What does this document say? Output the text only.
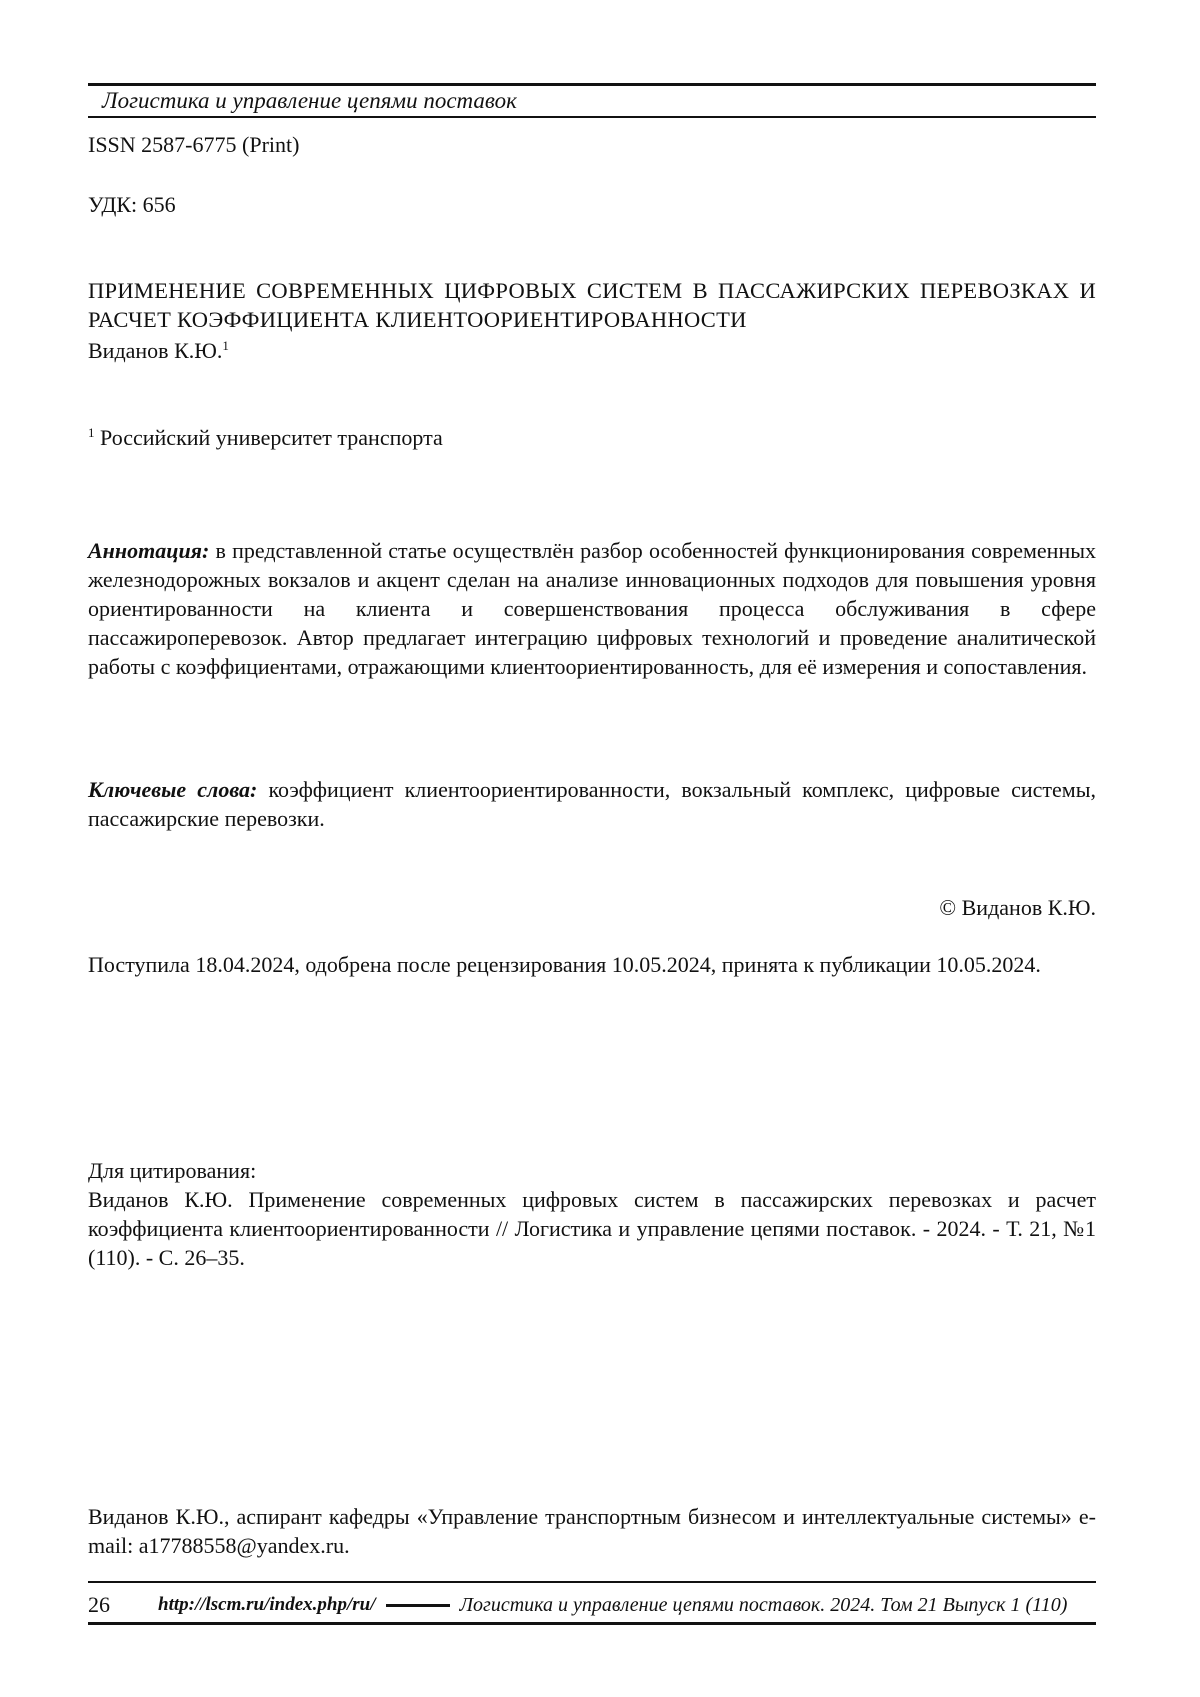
Логистика и управление цепями поставок
ISSN 2587-6775 (Print)
УДК: 656
ПРИМЕНЕНИЕ СОВРЕМЕННЫХ ЦИФРОВЫХ СИСТЕМ В ПАССАЖИРСКИХ ПЕРЕВОЗКАХ И РАСЧЕТ КОЭФФИЦИЕНТА КЛИЕНТООРИЕНТИРОВАННОСТИ
Виданов К.Ю.$^1$
$^1$ Российский университет транспорта
Аннотация: в представленной статье осуществлён разбор особенностей функционирования современных железнодорожных вокзалов и акцент сделан на анализе инновационных подходов для повышения уровня ориентированности на клиента и совершенствования процесса обслуживания в сфере пассажироперевозок. Автор предлагает интеграцию цифровых технологий и проведение аналитической работы с коэффициентами, отражающими клиентоориентированность, для её измерения и сопоставления.
Ключевые слова: коэффициент клиентоориентированности, вокзальный комплекс, цифровые системы, пассажирские перевозки.
© Виданов К.Ю.
Поступила 18.04.2024, одобрена после рецензирования 10.05.2024, принята к публикации 10.05.2024.
Для цитирования:
Виданов К.Ю. Применение современных цифровых систем в пассажирских перевозках и расчет коэффициента клиентоориентированности // Логистика и управление цепями поставок. - 2024. - Т. 21, №1 (110). - С. 26–35.
Виданов К.Ю., аспирант кафедры «Управление транспортным бизнесом и интеллектуальные системы» e-mail: a17788558@yandex.ru.
26	http://lscm.ru/index.php/ru/	Логистика и управление цепями поставок. 2024. Том 21 Выпуск 1 (110)
